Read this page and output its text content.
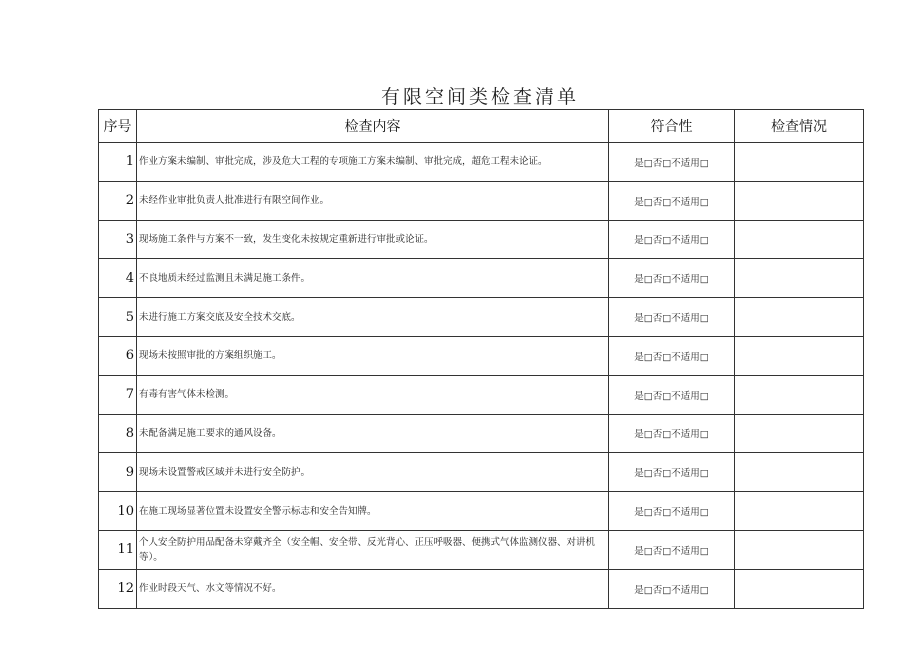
有限空间类检查清单
序号	检查内容	符合性	检查情况
1	作业方案未编制、审批完成，涉及危大工程的专项施工方案未编制、审批完成，超危工程未论证。	是□否□不适用□	
2	未经作业审批负责人批准进行有限空间作业。	是□否□不适用□	
3	现场施工条件与方案不一致，发生变化未按规定重新进行审批或论证。	是□否□不适用□	
4	不良地质未经过监测且未满足施工条件。	是□否□不适用□	
5	未进行施工方案交底及安全技术交底。	是□否□不适用□	
6	现场未按照审批的方案组织施工。	是□否□不适用□	
7	有毒有害气体未检测。	是□否□不适用□	
8	未配备满足施工要求的通风设备。	是□否□不适用□	
9	现场未设置警戒区域并未进行安全防护。	是□否□不适用□	
10	在施工现场显著位置未设置安全警示标志和安全告知牌。	是□否□不适用□	
11	个人安全防护用品配备未穿戴齐全（安全帽、安全带、反光背心、正压呼吸器、便携式气体监测仪器、对讲机等）。	是□否□不适用□	
12	作业时段天气、水文等情况不好。	是□否□不适用□	
